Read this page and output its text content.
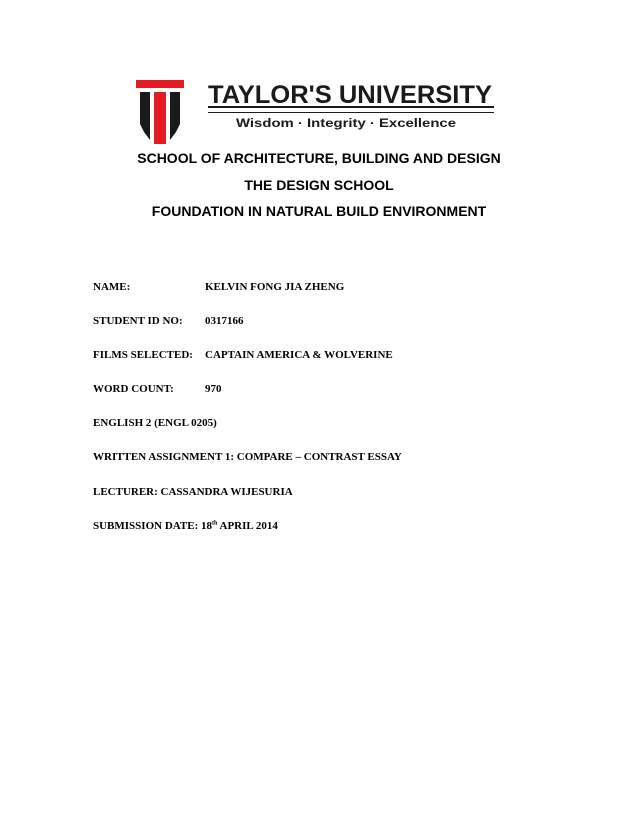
TAYLOR'S UNIVERSITY
Wisdom · Integrity · Excellence
SCHOOL OF ARCHITECTURE, BUILDING AND DESIGN
THE DESIGN SCHOOL
FOUNDATION IN NATURAL BUILD ENVIRONMENT
NAME:	KELVIN FONG JIA ZHENG
STUDENT ID NO: 0317166
FILMS SELECTED: CAPTAIN AMERICA & WOLVERINE
WORD COUNT:	970
ENGLISH 2 (ENGL 0205)
WRITTEN ASSIGNMENT 1: COMPARE – CONTRAST ESSAY
LECTURER: CASSANDRA WIJESURIA
SUBMISSION DATE: 18th APRIL 2014
